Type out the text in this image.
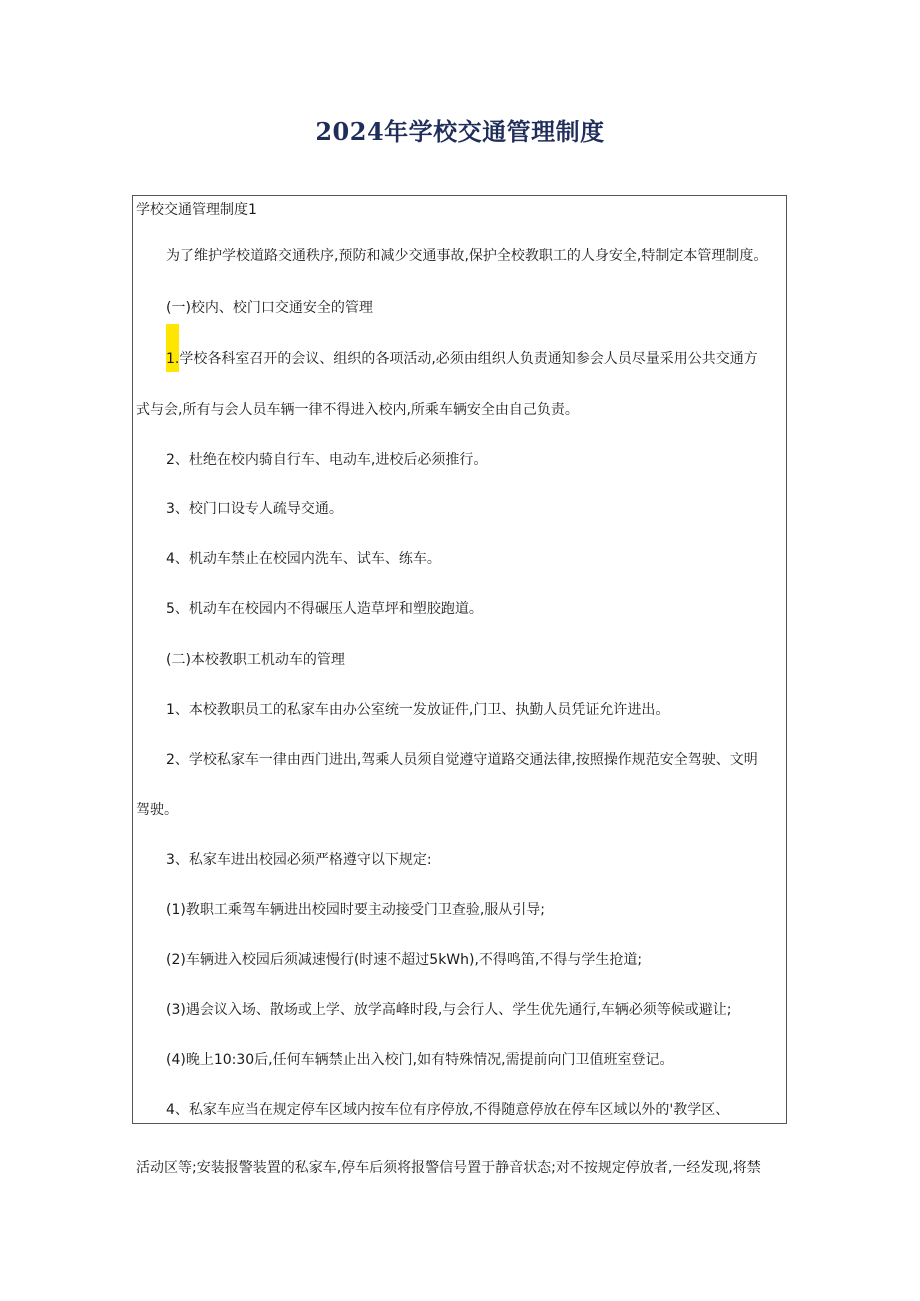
2024年学校交通管理制度
学校交通管理制度1
为了维护学校道路交通秩序,预防和减少交通事故,保护全校教职工的人身安全,特制定本管理制度。
(一)校内、校门口交通安全的管理
1.学校各科室召开的会议、组织的各项活动,必须由组织人负责通知参会人员尽量采用公共交通方
式与会,所有与会人员车辆一律不得进入校内,所乘车辆安全由自己负责。
2、杜绝在校内骑自行车、电动车,进校后必须推行。
3、校门口设专人疏导交通。
4、机动车禁止在校园内洗车、试车、练车。
5、机动车在校园内不得碾压人造草坪和塑胶跑道。
(二)本校教职工机动车的管理
1、本校教职员工的私家车由办公室统一发放证件,门卫、执勤人员凭证允许进出。
2、学校私家车一律由西门进出,驾乘人员须自觉遵守道路交通法律,按照操作规范安全驾驶、文明
驾驶。
3、私家车进出校园必须严格遵守以下规定:
(1)教职工乘驾车辆进出校园时要主动接受门卫查验,服从引导;
(2)车辆进入校园后须减速慢行(时速不超过5kWh),不得鸣笛,不得与学生抢道;
(3)遇会议入场、散场或上学、放学高峰时段,与会行人、学生优先通行,车辆必须等候或避让;
(4)晚上10:30后,任何车辆禁止出入校门,如有特殊情况,需提前向门卫值班室登记。
4、私家车应当在规定停车区域内按车位有序停放,不得随意停放在停车区域以外的'教学区、
活动区等;安装报警装置的私家车,停车后须将报警信号置于静音状态;对不按规定停放者,一经发现,将禁
